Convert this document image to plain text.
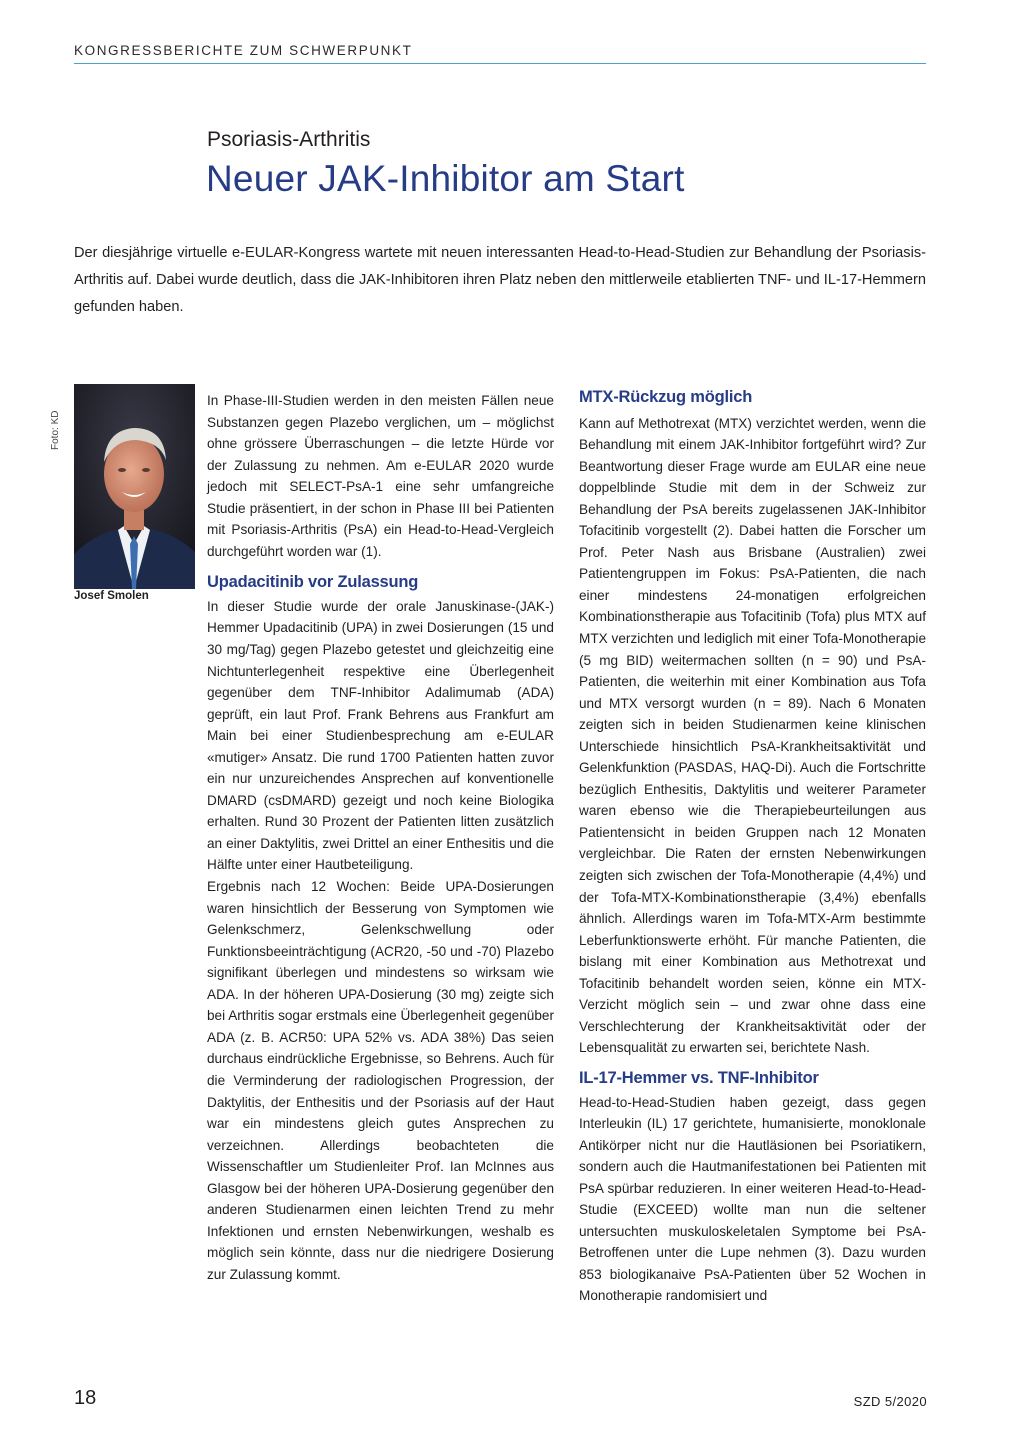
KONGRESSBERICHTE ZUM SCHWERPUNKT
Psoriasis-Arthritis
Neuer JAK-Inhibitor am Start

Der diesjährige virtuelle e-EULAR-Kongress wartete mit neuen interessanten Head-to-Head-Studien zur Behandlung der Psoriasis-Arthritis auf. Dabei wurde deutlich, dass die JAK-Inhibitoren ihren Platz neben den mittlerweile etablierten TNF- und IL-17-Hemmern gefunden haben.

Foto: KD
Josef Smolen

In Phase-III-Studien werden in den meisten Fällen neue Substanzen gegen Plazebo verglichen, um – möglichst ohne grössere Überraschungen – die letzte Hürde vor der Zulassung zu nehmen. Am e-EULAR 2020 wurde jedoch mit SELECT-PsA-1 eine sehr umfangreiche Studie präsentiert, in der schon in Phase III bei Patienten mit Psoriasis-Arthritis (PsA) ein Head-to-Head-Vergleich durchgeführt worden war (1).

Upadacitinib vor Zulassung

In dieser Studie wurde der orale Januskinase-(JAK-) Hemmer Upadacitinib (UPA) in zwei Dosierungen (15 und 30 mg/Tag) gegen Plazebo getestet und gleichzeitig eine Nichtunterlegenheit respektive eine Überlegenheit gegenüber dem TNF-Inhibitor Adalimumab (ADA) geprüft, ein laut Prof. Frank Behrens aus Frankfurt am Main bei einer Studienbesprechung am e-EULAR «mutiger» Ansatz. Die rund 1700 Patienten hatten zuvor ein nur unzureichendes Ansprechen auf konventionelle DMARD (csDMARD) gezeigt und noch keine Biologika erhalten. Rund 30 Prozent der Patienten litten zusätzlich an einer Daktylitis, zwei Drittel an einer Enthesitis und die Hälfte unter einer Hautbeteiligung.

Ergebnis nach 12 Wochen: Beide UPA-Dosierungen waren hinsichtlich der Besserung von Symptomen wie Gelenkschmerz, Gelenkschwellung oder Funktionsbeeinträchtigung (ACR20, -50 und -70) Plazebo signifikant überlegen und mindestens so wirksam wie ADA. In der höheren UPA-Dosierung (30 mg) zeigte sich bei Arthritis sogar erstmals eine Überlegenheit gegenüber ADA (z. B. ACR50: UPA 52% vs. ADA 38%) Das seien durchaus eindrückliche Ergebnisse, so Behrens. Auch für die Verminderung der radiologischen Progression, der Daktylitis, der Enthesitis und der Psoriasis auf der Haut war ein mindestens gleich gutes Ansprechen zu verzeichnen. Allerdings beobachteten die Wissenschaftler um Studienleiter Prof. Ian McInnes aus Glasgow bei der höheren UPA-Dosierung gegenüber den anderen Studienarmen einen leichten Trend zu mehr Infektionen und ernsten Nebenwirkungen, weshalb es möglich sein könnte, dass nur die niedrigere Dosierung zur Zulassung kommt.

MTX-Rückzug möglich

Kann auf Methotrexat (MTX) verzichtet werden, wenn die Behandlung mit einem JAK-Inhibitor fortgeführt wird? Zur Beantwortung dieser Frage wurde am EULAR eine neue doppelblinde Studie mit dem in der Schweiz zur Behandlung der PsA bereits zugelassenen JAK-Inhibitor Tofacitinib vorgestellt (2). Dabei hatten die Forscher um Prof. Peter Nash aus Brisbane (Australien) zwei Patientengruppen im Fokus: PsA-Patienten, die nach einer mindestens 24-monatigen erfolgreichen Kombinationstherapie aus Tofacitinib (Tofa) plus MTX auf MTX verzichten und lediglich mit einer Tofa-Monotherapie (5 mg BID) weitermachen sollten (n = 90) und PsA-Patienten, die weiterhin mit einer Kombination aus Tofa und MTX versorgt wurden (n = 89). Nach 6 Monaten zeigten sich in beiden Studienarmen keine klinischen Unterschiede hinsichtlich PsA-Krankheitsaktivität und Gelenkfunktion (PASDAS, HAQ-Di). Auch die Fortschritte bezüglich Enthesitis, Daktylitis und weiterer Parameter waren ebenso wie die Therapiebeurteilungen aus Patientensicht in beiden Gruppen nach 12 Monaten vergleichbar. Die Raten der ernsten Nebenwirkungen zeigten sich zwischen der Tofa-Monotherapie (4,4%) und der Tofa-MTX-Kombinationstherapie (3,4%) ebenfalls ähnlich. Allerdings waren im Tofa-MTX-Arm bestimmte Leberfunktionswerte erhöht. Für manche Patienten, die bislang mit einer Kombination aus Methotrexat und Tofacitinib behandelt worden seien, könne ein MTX-Verzicht möglich sein – und zwar ohne dass eine Verschlechterung der Krankheitsaktivität oder der Lebensqualität zu erwarten sei, berichtete Nash.

IL-17-Hemmer vs. TNF-Inhibitor

Head-to-Head-Studien haben gezeigt, dass gegen Interleukin (IL) 17 gerichtete, humanisierte, monoklonale Antikörper nicht nur die Hautläsionen bei Psoriatikern, sondern auch die Hautmanifestationen bei Patienten mit PsA spürbar reduzieren. In einer weiteren Head-to-Head-Studie (EXCEED) wollte man nun die seltener untersuchten muskuloskeletalen Symptome bei PsA-Betroffenen unter die Lupe nehmen (3). Dazu wurden 853 biologikanaive PsA-Patienten über 52 Wochen in Monotherapie randomisiert und

18	SZD 5/2020
